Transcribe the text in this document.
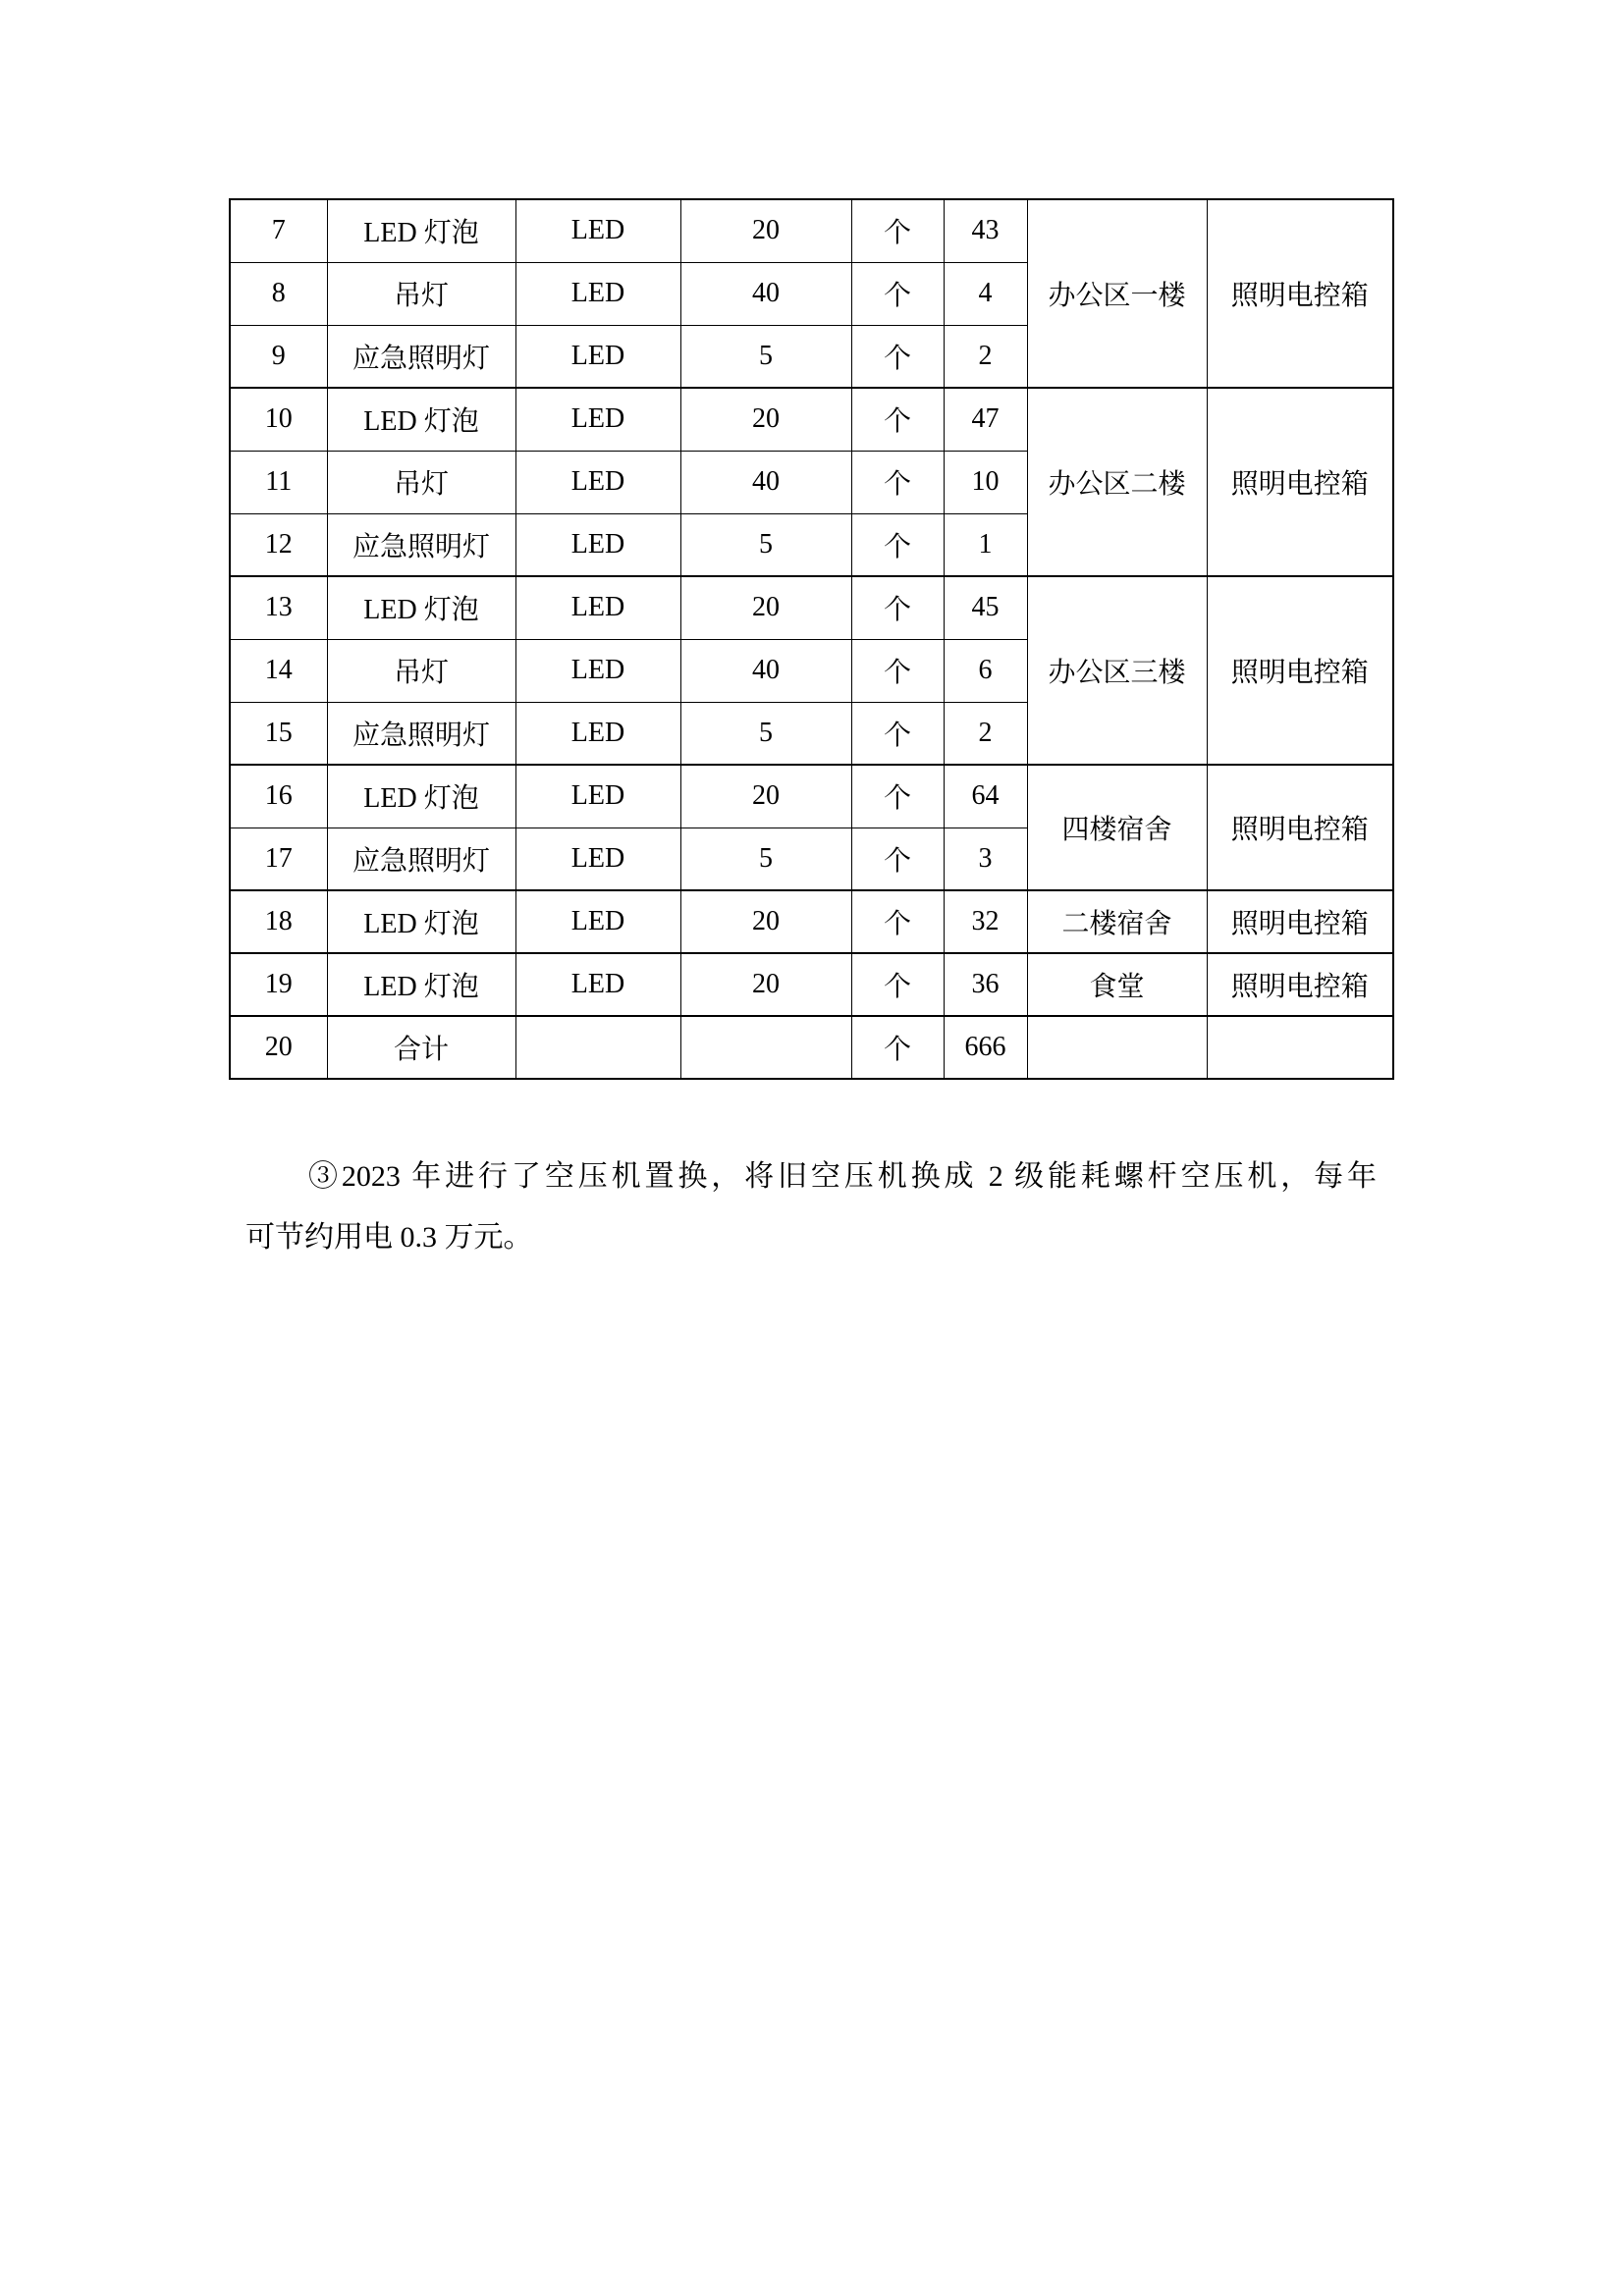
7	LED 灯泡	LED	20	个	43	办公区一楼	照明电控箱
8	吊灯	LED	40	个	4		
9	应急照明灯	LED	5	个	2		
10	LED 灯泡	LED	20	个	47	办公区二楼	照明电控箱
11	吊灯	LED	40	个	10		
12	应急照明灯	LED	5	个	1		
13	LED 灯泡	LED	20	个	45	办公区三楼	照明电控箱
14	吊灯	LED	40	个	6		
15	应急照明灯	LED	5	个	2		
16	LED 灯泡	LED	20	个	64	四楼宿舍	照明电控箱
17	应急照明灯	LED	5	个	3		
18	LED 灯泡	LED	20	个	32	二楼宿舍	照明电控箱
19	LED 灯泡	LED	20	个	36	食堂	照明电控箱
20	合计			个	666		
③2023 年进行了空压机置换，将旧空压机换成 2 级能耗螺杆空压机，每年
可节约用电 0.3 万元。
